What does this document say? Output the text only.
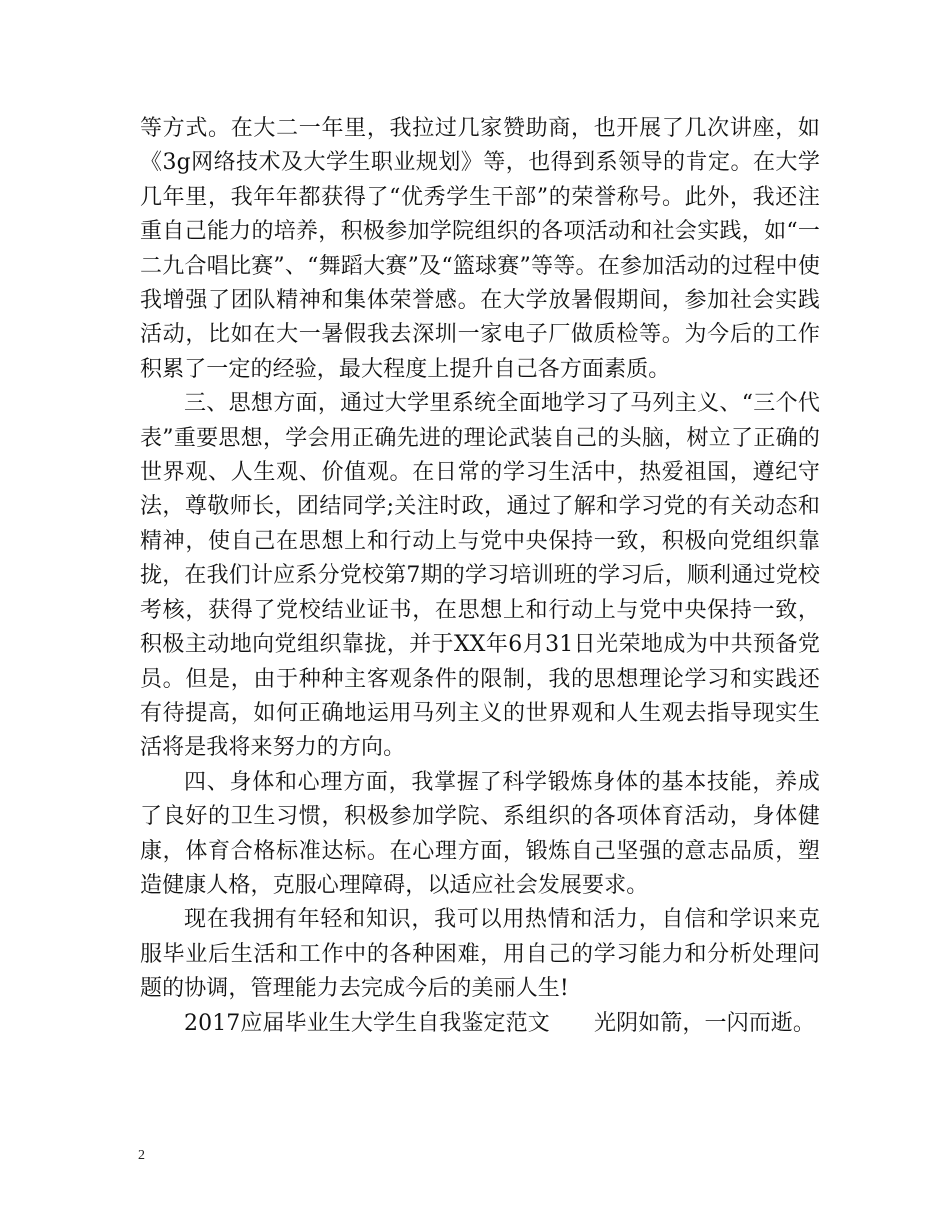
等方式。在大二一年里，我拉过几家赞助商，也开展了几次讲座，如《3g网络技术及大学生职业规划》等，也得到系领导的肯定。在大学几年里，我年年都获得了“优秀学生干部”的荣誉称号。此外，我还注重自己能力的培养，积极参加学院组织的各项活动和社会实践，如“一二九合唱比赛”、“舞蹈大赛”及“篮球赛”等等。在参加活动的过程中使我增强了团队精神和集体荣誉感。在大学放暑假期间，参加社会实践活动，比如在大一暑假我去深圳一家电子厂做质检等。为今后的工作积累了一定的经验，最大程度上提升自己各方面素质。

三、思想方面，通过大学里系统全面地学习了马列主义、“三个代表”重要思想，学会用正确先进的理论武装自己的头脑，树立了正确的世界观、人生观、价值观。在日常的学习生活中，热爱祖国，遵纪守法，尊敬师长，团结同学;关注时政，通过了解和学习党的有关动态和精神，使自己在思想上和行动上与党中央保持一致，积极向党组织靠拢，在我们计应系分党校第7期的学习培训班的学习后，顺利通过党校考核，获得了党校结业证书，在思想上和行动上与党中央保持一致，积极主动地向党组织靠拢，并于XX年6月31日光荣地成为中共预备党员。但是，由于种种主客观条件的限制，我的思想理论学习和实践还有待提高，如何正确地运用马列主义的世界观和人生观去指导现实生活将是我将来努力的方向。

四、身体和心理方面，我掌握了科学锻炼身体的基本技能，养成了良好的卫生习惯，积极参加学院、系组织的各项体育活动，身体健康，体育合格标准达标。在心理方面，锻炼自己坚强的意志品质，塑造健康人格，克服心理障碍，以适应社会发展要求。

现在我拥有年轻和知识，我可以用热情和活力，自信和学识来克服毕业后生活和工作中的各种困难，用自己的学习能力和分析处理问题的协调，管理能力去完成今后的美丽人生!

2017应届毕业生大学生自我鉴定范文　　光阴如箭，一闪而逝。

2
